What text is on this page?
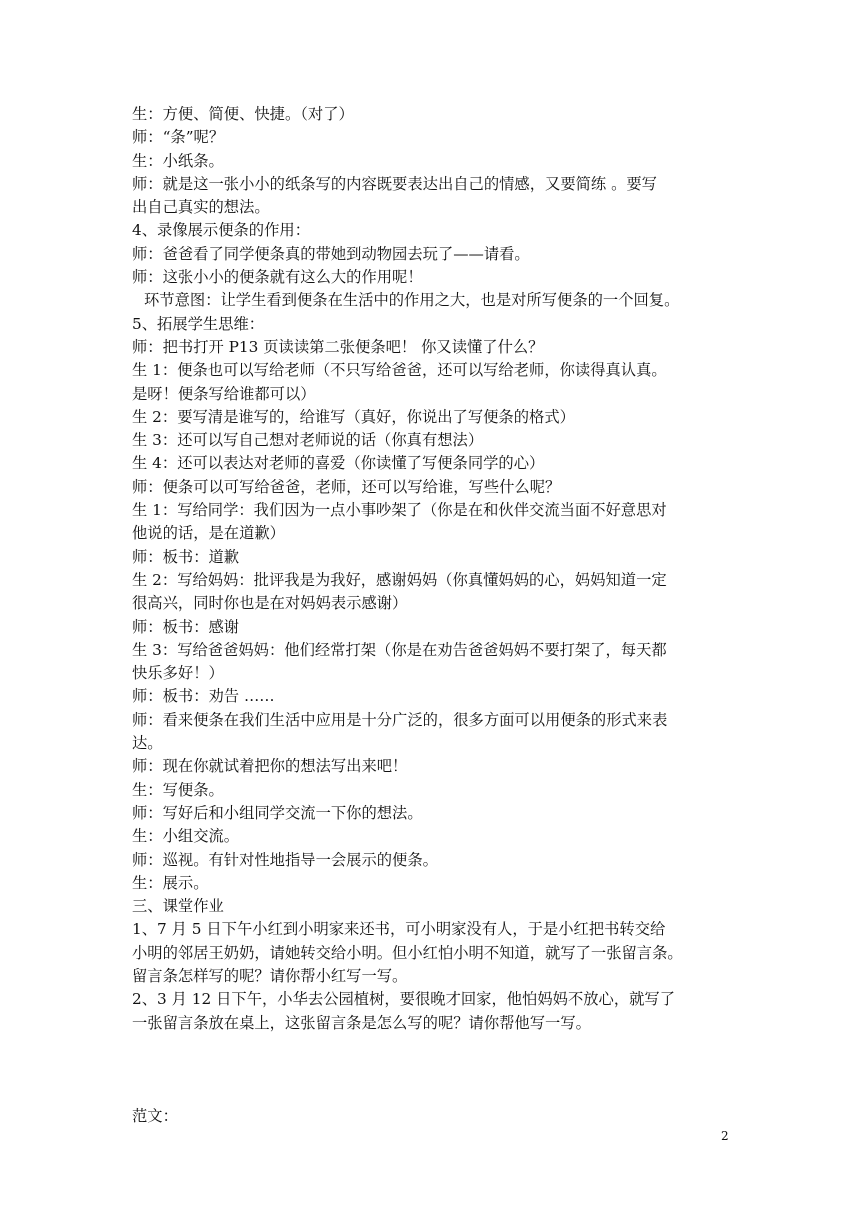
生：方便、简便、快捷。（对了）
师：“条”呢？
生：小纸条。
师：就是这一张小小的纸条写的内容既要表达出自己的情感，又要简练 。要写
出自己真实的想法。
4、录像展示便条的作用：
师：爸爸看了同学便条真的带她到动物园去玩了——请看。
师：这张小小的便条就有这么大的作用呢！
环节意图：让学生看到便条在生活中的作用之大，也是对所写便条的一个回复。
5、拓展学生思维：
师：把书打开 P13 页读读第二张便条吧！ 你又读懂了什么？
生 1：便条也可以写给老师（不只写给爸爸，还可以写给老师，你读得真认真。
是呀！便条写给谁都可以）
生 2：要写清是谁写的，给谁写（真好，你说出了写便条的格式）
生 3：还可以写自己想对老师说的话（你真有想法）
生 4：还可以表达对老师的喜爱（你读懂了写便条同学的心）
师：便条可以可写给爸爸，老师，还可以写给谁，写些什么呢？
生 1：写给同学：我们因为一点小事吵架了（你是在和伙伴交流当面不好意思对
他说的话，是在道歉）
师：板书：道歉
生 2：写给妈妈：批评我是为我好，感谢妈妈（你真懂妈妈的心，妈妈知道一定
很高兴，同时你也是在对妈妈表示感谢）
师：板书：感谢
生 3：写给爸爸妈妈：他们经常打架（你是在劝告爸爸妈妈不要打架了，每天都
快乐多好！）
师：板书：劝告 ……
师：看来便条在我们生活中应用是十分广泛的，很多方面可以用便条的形式来表
达。
师：现在你就试着把你的想法写出来吧！
生：写便条。
师：写好后和小组同学交流一下你的想法。
生：小组交流。
师：巡视。有针对性地指导一会展示的便条。
生：展示。
三、课堂作业
1、7 月 5 日下午小红到小明家来还书，可小明家没有人，于是小红把书转交给
小明的邻居王奶奶，请她转交给小明。但小红怕小明不知道，就写了一张留言条。
留言条怎样写的呢？请你帮小红写一写。
2、3 月 12 日下午，小华去公园植树，要很晚才回家，他怕妈妈不放心，就写了
一张留言条放在桌上，这张留言条是怎么写的呢？请你帮他写一写。
范文：
2
